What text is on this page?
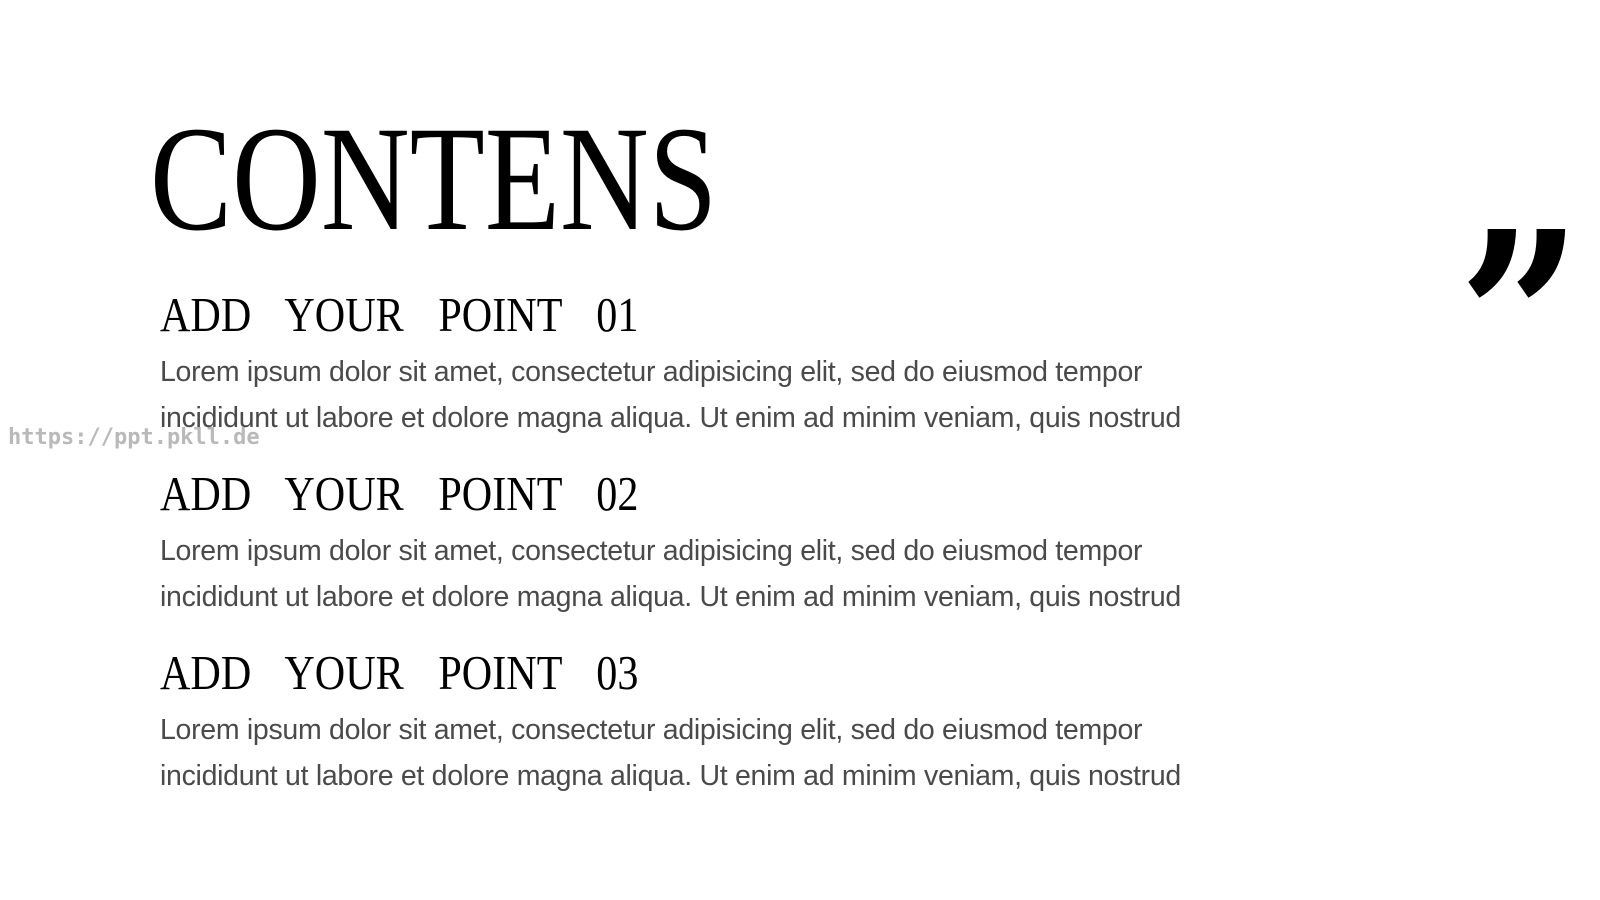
CONTENS	”
https://ppt.pkll.de
ADD YOUR POINT 01

Lorem ipsum dolor sit amet, consectetur adipisicing elit, sed do eiusmod tempor
incididunt ut labore et dolore magna aliqua. Ut enim ad minim veniam, quis nostrud

ADD YOUR POINT 02

Lorem ipsum dolor sit amet, consectetur adipisicing elit, sed do eiusmod tempor
incididunt ut labore et dolore magna aliqua. Ut enim ad minim veniam, quis nostrud

ADD YOUR POINT 03

Lorem ipsum dolor sit amet, consectetur adipisicing elit, sed do eiusmod tempor
incididunt ut labore et dolore magna aliqua. Ut enim ad minim veniam, quis nostrud
